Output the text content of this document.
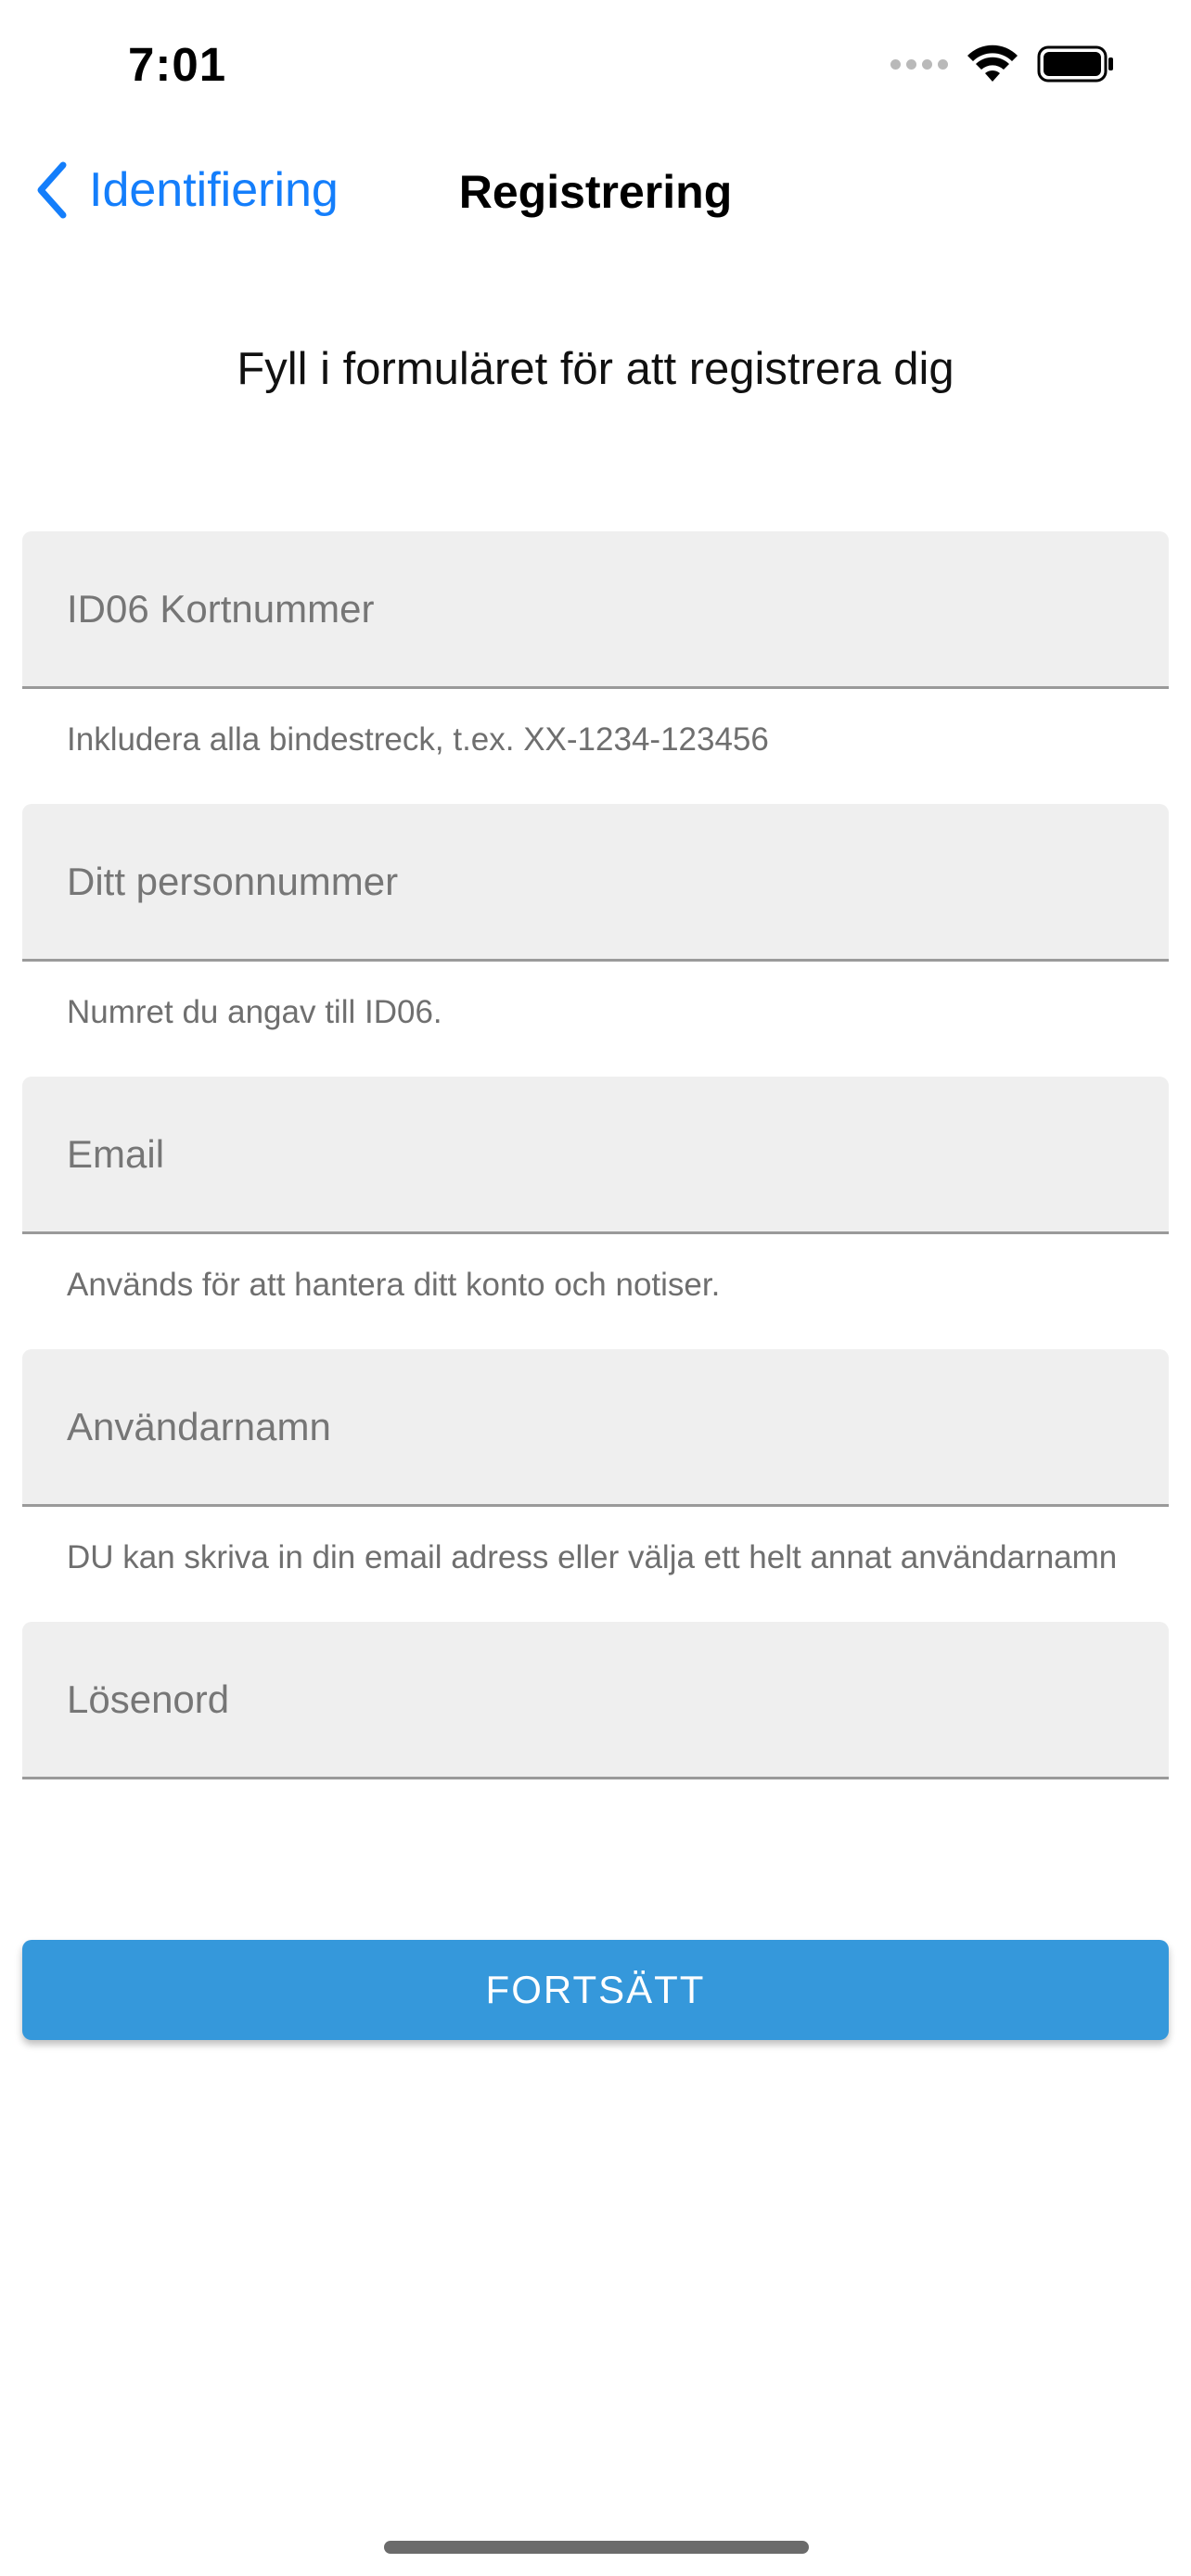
7:01
Identifiering	Registrering
Fyll i formuläret för att registrera dig
ID06 Kortnummer
Inkludera alla bindestreck, t.ex. XX-1234-123456
Ditt personnummer
Numret du angav till ID06.
Email
Används för att hantera ditt konto och notiser.
Användarnamn
DU kan skriva in din email adress eller välja ett helt annat användarnamn
FORTSÄTT
